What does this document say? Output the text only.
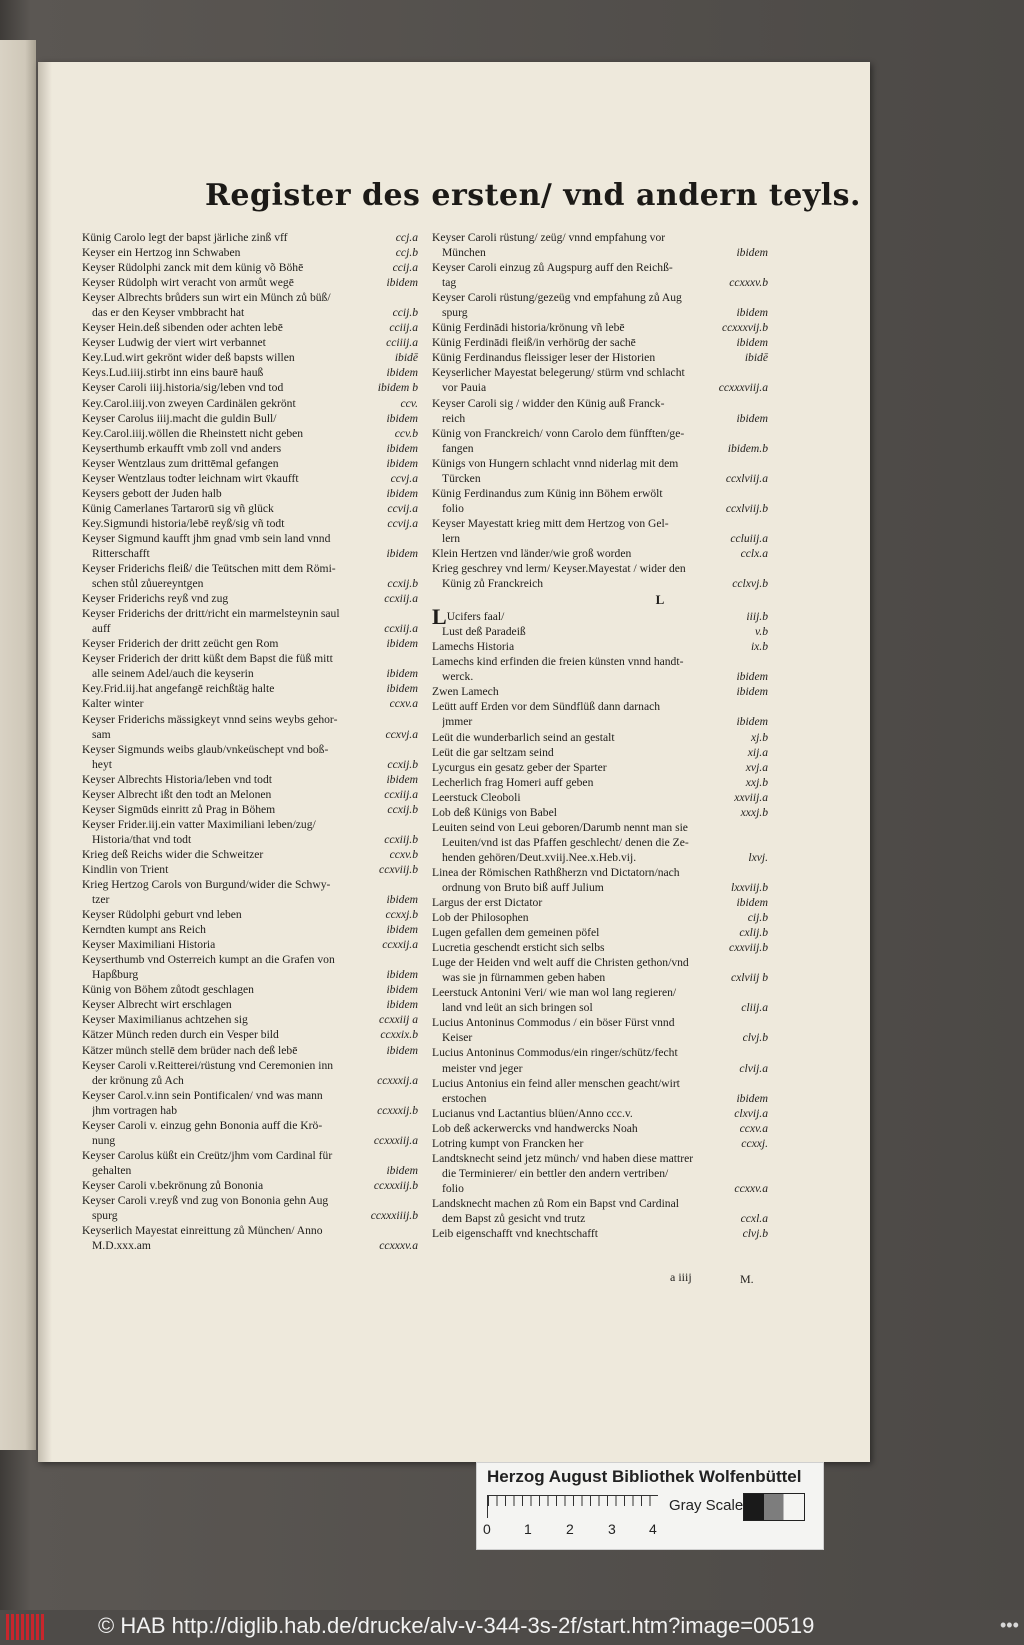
Register des ersten/ vnd andern teyls.
Künig Carolo legt der bapst järliche zinß vff	ccj.a
Keyser ein Hertzog inn Schwaben	ccj.b
Keyser Rüdolphi zanck mit dem künig võ Böhē	ccij.a
Keyser Rüdolph wirt veracht von armůt wegē	ibidem
Keyser Albrechts brůders sun wirt ein Münch zů büß/
das er den Keyser vmbbracht hat	ccij.b
Keyser Hein.deß sibenden oder achten lebē	cciij.a
Keyser Ludwig der viert wirt verbannet	cciiij.a
Key.Lud.wirt gekrönt wider deß bapsts willen	ibidē
Keys.Lud.iiij.stirbt inn eins baurē hauß	ibidem
Keyser Caroli iiij.historia/sig/leben vnd tod	ibidem b
Key.Carol.iiij.von zweyen Cardinälen gekrönt	ccv.
Keyser Carolus iiij.macht die guldin Bull/	ibidem
Key.Carol.iiij.wöllen die Rheinstett nicht geben	ccv.b
Keyserthumb erkaufft vmb zoll vnd anders	ibidem
Keyser Wentzlaus zum drittēmal gefangen	ibidem
Keyser Wentzlaus todter leichnam wirt v̈kaufft	ccvj.a
Keysers gebott der Juden halb	ibidem
Künig Camerlanes Tartarorū sig vñ glück	ccvij.a
Key.Sigmundi historia/lebē reyß/sig vñ todt	ccvij.a
Keyser Sigmund kaufft jhm gnad vmb sein land vnnd
Ritterschafft	ibidem
Keyser Friderichs fleiß/ die Teütschen mitt dem Römi-
schen stůl zůuereyntgen	ccxij.b
Keyser Friderichs reyß vnd zug	ccxiij.a
Keyser Friderichs der dritt/richt ein marmelsteynin saul
auff	ccxiij.a
Keyser Friderich der dritt zeücht gen Rom	ibidem
Keyser Friderich der dritt küßt dem Bapst die füß mitt
alle seinem Adel/auch die keyserin	ibidem
Key.Frid.iij.hat angefangē reichßtäg halte	ibidem
Kalter winter	ccxv.a
Keyser Friderichs mässigkeyt vnnd seins weybs gehor-
sam	ccxvj.a
Keyser Sigmunds weibs glaub/vnkeüschept vnd boß-
heyt	ccxij.b
Keyser Albrechts Historia/leben vnd todt	ibidem
Keyser Albrecht ißt den todt an Melonen	ccxiij.a
Keyser Sigmūds einritt zů Prag in Böhem	ccxij.b
Keyser Frider.iij.ein vatter Maximiliani leben/zug/
Historia/that vnd todt	ccxiij.b
Krieg deß Reichs wider die Schweitzer	ccxv.b
Kindlin von Trient	ccxviij.b
Krieg Hertzog Carols von Burgund/wider die Schwy-
tzer	ibidem
Keyser Rüdolphi geburt vnd leben	ccxxj.b
Kerndten kumpt ans Reich	ibidem
Keyser Maximiliani Historia	ccxxij.a
Keyserthumb vnd Osterreich kumpt an die Grafen von
Hapßburg	ibidem
Künig von Böhem zůtodt geschlagen	ibidem
Keyser Albrecht wirt erschlagen	ibidem
Keyser Maximilianus achtzehen sig	ccxxiij a
Kätzer Münch reden durch ein Vesper bild	ccxxix.b
Kätzer münch stellē dem brüder nach deß lebē	ibidem
Keyser Caroli v.Reitterei/rüstung vnd Ceremonien inn
der krönung zů Ach	ccxxxij.a
Keyser Carol.v.inn sein Pontificalen/ vnd was mann
jhm vortragen hab	ccxxxij.b
Keyser Caroli v. einzug gehn Bononia auff die Krö-
nung	ccxxxiij.a
Keyser Carolus küßt ein Creütz/jhm vom Cardinal für
gehalten	ibidem
Keyser Caroli v.bekrönung zů Bononia	ccxxxiij.b
Keyser Caroli v.reyß vnd zug von Bononia gehn Aug
spurg	ccxxxiiij.b
Keyserlich Mayestat einreittung zů München/ Anno
M.D.xxx.am	ccxxxv.a
Keyser Caroli rüstung/ zeüg/ vnnd empfahung vor
München	ibidem
Keyser Caroli einzug zů Augspurg auff den Reichß-
tag	ccxxxv.b
Keyser Caroli rüstung/gezeüg vnd empfahung zů Aug
spurg	ibidem
Künig Ferdinādi historia/krönung vñ lebē	ccxxxvij.b
Künig Ferdinādi fleiß/in verhörūg der sachē	ibidem
Künig Ferdinandus fleissiger leser der Historien	ibidē
Keyserlicher Mayestat belegerung/ stürm vnd schlacht
vor Pauia	ccxxxviij.a
Keyser Caroli sig / widder den Künig auß Franck-
reich	ibidem
Künig von Franckreich/ vonn Carolo dem fünfften/ge-
fangen	ibidem.b
Künigs von Hungern schlacht vnnd niderlag mit dem
Türcken	ccxlviij.a
Künig Ferdinandus zum Künig inn Böhem erwölt
folio	ccxlviij.b
Keyser Mayestatt krieg mitt dem Hertzog von Gel-
lern	ccluiij.a
Klein Hertzen vnd länder/wie groß worden	cclx.a
Krieg geschrey vnd lerm/ Keyser.Mayestat / wider den
Künig zů Franckreich	cclxvj.b
L
L Ucifers faal/	iiij.b
Lust deß Paradeiß	v.b
Lamechs Historia	ix.b
Lamechs kind erfinden die freien künsten vnnd handt-
werck.	ibidem
Zwen Lamech	ibidem
Leütt auff Erden vor dem Sündflüß dann darnach
jmmer	ibidem
Leüt die wunderbarlich seind an gestalt	xj.b
Leüt die gar seltzam seind	xij.a
Lycurgus ein gesatz geber der Sparter	xvj.a
Lecherlich frag Homeri auff geben	xxj.b
Leerstuck Cleoboli	xxviij.a
Lob deß Künigs von Babel	xxxj.b
Leuiten seind von Leui geboren/Darumb nennt man sie
Leuiten/vnd ist das Pfaffen geschlecht/ denen die Ze-
henden gehören/Deut.xviij.Nee.x.Heb.vij.	lxvj.
Linea der Römischen Rathßherzn vnd Dictatorn/nach
ordnung von Bruto biß auff Julium	lxxviij.b
Largus der erst Dictator	ibidem
Lob der Philosophen	cij.b
Lugen gefallen dem gemeinen pöfel	cxlij.b
Lucretia geschendt ersticht sich selbs	cxxviij.b
Luge der Heiden vnd welt auff die Christen gethon/vnd
was sie jn fürnammen geben haben	cxlviij b
Leerstuck Antonini Veri/ wie man wol lang regieren/
land vnd leüt an sich bringen sol	cliij.a
Lucius Antoninus Commodus / ein böser Fürst vnnd
Keiser	clvj.b
Lucius Antoninus Commodus/ein ringer/schütz/fecht
meister vnd jeger	clvij.a
Lucius Antonius ein feind aller menschen geacht/wirt
erstochen	ibidem
Lucianus vnd Lactantius blüen/Anno ccc.v.	clxvij.a
Lob deß ackerwercks vnd handwercks Noah	ccxv.a
Lotring kumpt von Francken her	ccxxj.
Landtsknecht seind jetz münch/ vnd haben diese mattrer
die Terminierer/ ein bettler den andern vertriben/
folio	ccxxv.a
Landsknecht machen zů Rom ein Bapst vnd Cardinal
dem Bapst zů gesicht vnd trutz	ccxl.a
Leib eigenschafft vnd knechtschafft	clvj.b
a iiij	M.
Herzog August Bibliothek Wolfenbüttel
0 1 2 3 4
Gray Scale
© HAB http://diglib.hab.de/drucke/alv-v-344-3s-2f/start.htm?image=00519	•••
